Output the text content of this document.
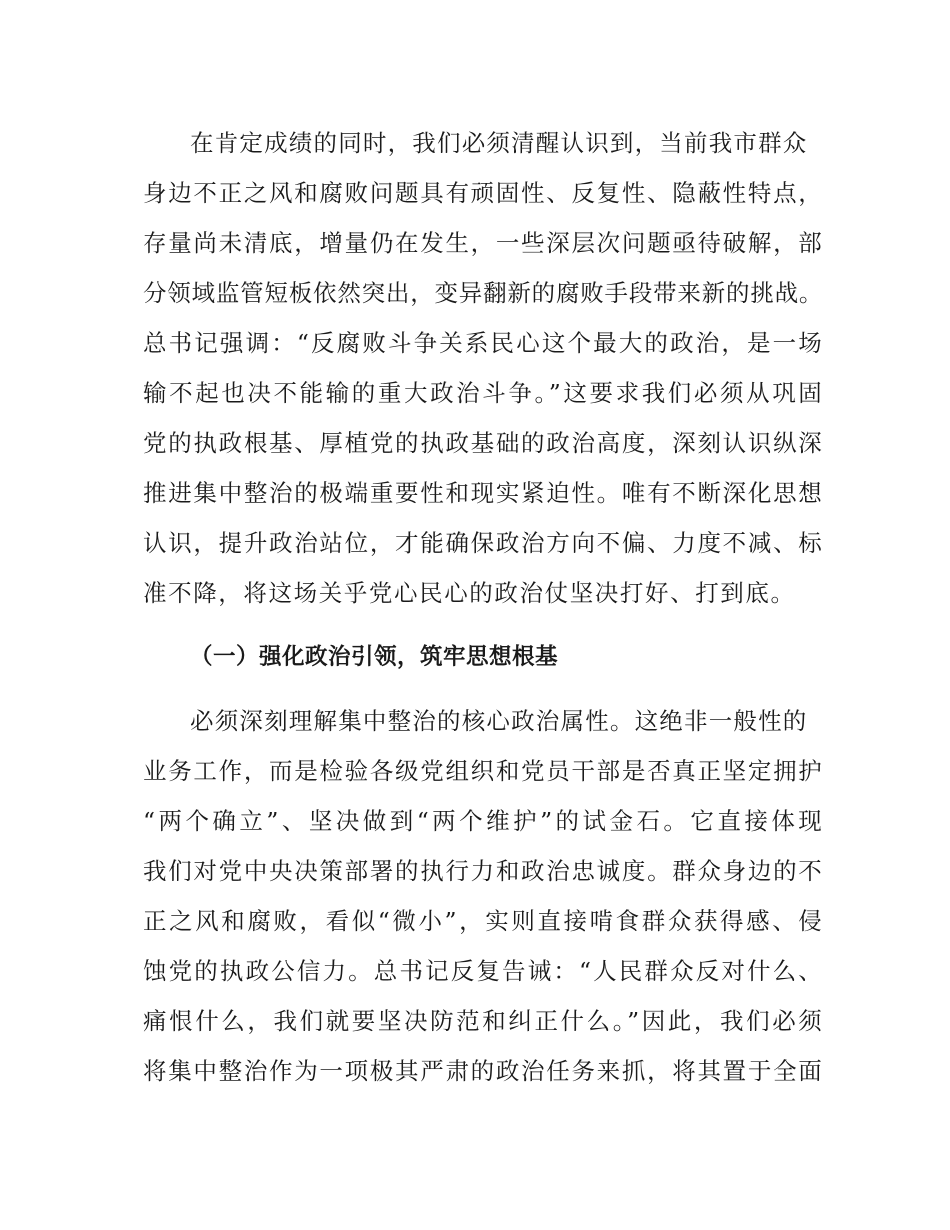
在肯定成绩的同时，我们必须清醒认识到，当前我市群众
身边不正之风和腐败问题具有顽固性、反复性、隐蔽性特点，
存量尚未清底，增量仍在发生，一些深层次问题亟待破解，部
分领域监管短板依然突出，变异翻新的腐败手段带来新的挑战。
总书记强调：“反腐败斗争关系民心这个最大的政治，是一场
输不起也决不能输的重大政治斗争。”这要求我们必须从巩固
党的执政根基、厚植党的执政基础的政治高度，深刻认识纵深
推进集中整治的极端重要性和现实紧迫性。唯有不断深化思想
认识，提升政治站位，才能确保政治方向不偏、力度不减、标
准不降，将这场关乎党心民心的政治仗坚决打好、打到底。
（一）强化政治引领，筑牢思想根基
必须深刻理解集中整治的核心政治属性。这绝非一般性的
业务工作，而是检验各级党组织和党员干部是否真正坚定拥护
“两个确立”、坚决做到“两个维护”的试金石。它直接体现
我们对党中央决策部署的执行力和政治忠诚度。群众身边的不
正之风和腐败，看似“微小”，实则直接啃食群众获得感、侵
蚀党的执政公信力。总书记反复告诫：“人民群众反对什么、
痛恨什么，我们就要坚决防范和纠正什么。”因此，我们必须
将集中整治作为一项极其严肃的政治任务来抓，将其置于全面
